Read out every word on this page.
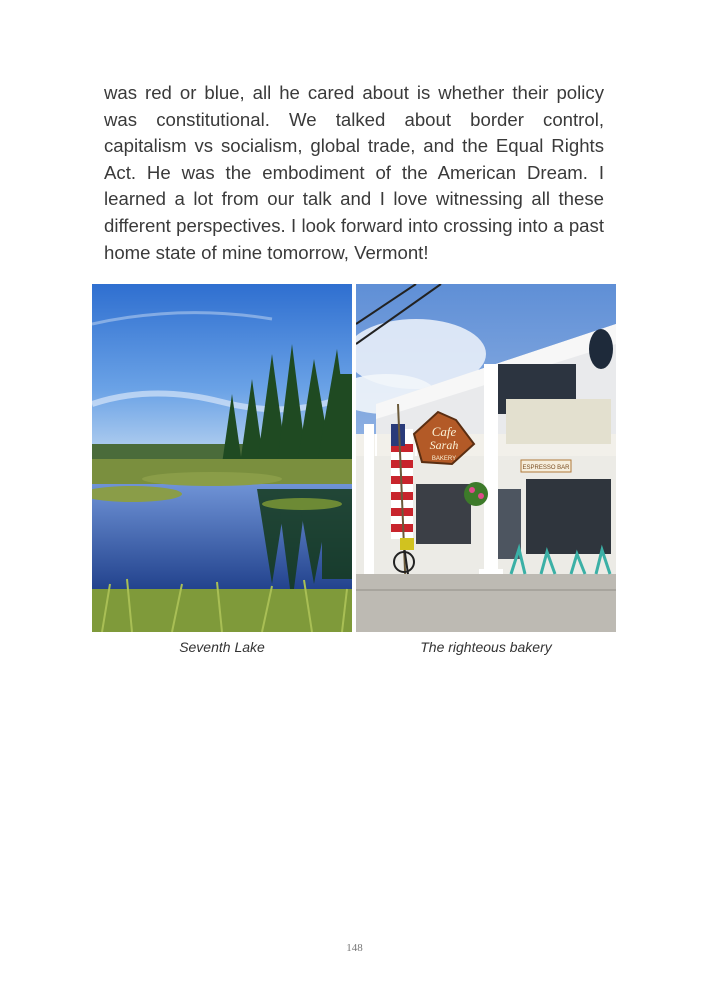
was red or blue, all he cared about is whether their policy was constitutional. We talked about border control, capitalism vs socialism, global trade, and the Equal Rights Act. He was the embodiment of the American Dream. I learned a lot from our talk and I love witnessing all these different perspectives. I look forward into crossing into a past home state of mine tomorrow, Vermont!

Cafe
Sarah
BAKERY
ESPRESSO BAR
Seventh Lake	The righteous bakery
148
